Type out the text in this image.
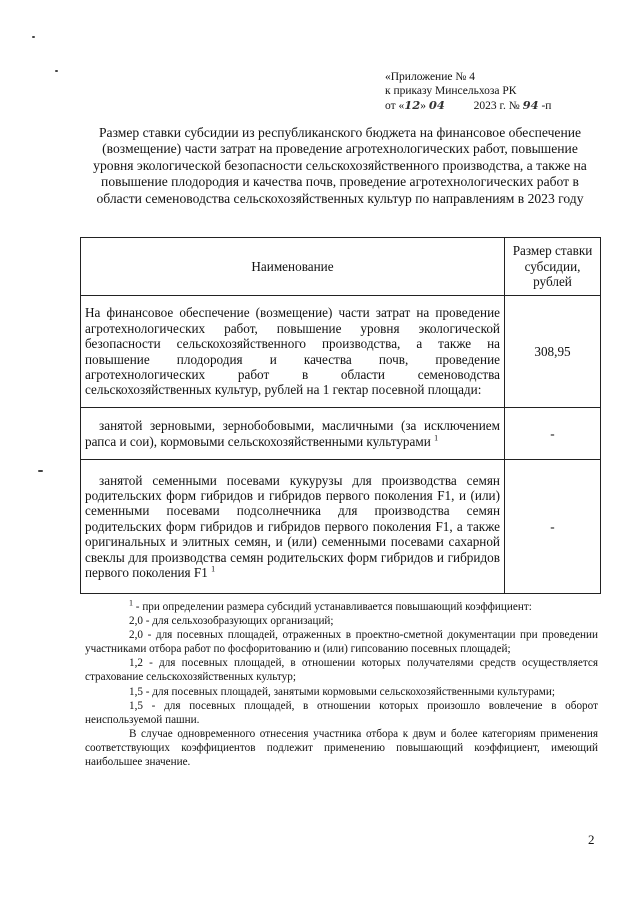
«Приложение № 4
к приказу Минсельхоза РК
от «12» 04	2023 г. № 94 -п
Размер ставки субсидии из республиканского бюджета на финансовое обеспечение (возмещение) части затрат на проведение агротехнологических работ, повышение уровня экологической безопасности сельскохозяйственного производства, а также на повышение плодородия и качества почв, проведение агротехнологических работ в области семеноводства сельскохозяйственных культур по направлениям в 2023 году
Наименование	Размер ставки субсидии, рублей
На финансовое обеспечение (возмещение) части затрат на проведение агротехнологических работ, повышение уровня экологической безопасности сельскохозяйственного производства, а также на повышение плодородия и качества почв, проведение агротехнологических работ в области семеноводства сельскохозяйственных культур, рублей на 1 гектар посевной площади:	308,95
занятой зерновыми, зернобобовыми, масличными (за исключением рапса и сои), кормовыми сельскохозяйственными культурами $^1$	-
занятой семенными посевами кукурузы для производства семян родительских форм гибридов и гибридов первого поколения F1, и (или) семенными посевами подсолнечника для производства семян родительских форм гибридов и гибридов первого поколения F1, а также оригинальных и элитных семян, и (или) семенными посевами сахарной свеклы для производства семян родительских форм гибридов и гибридов первого поколения F1 $^1$	-

$^1$ - при определении размера субсидий устанавливается повышающий коэффициент:

2,0 - для сельхозобразующих организаций;

2,0 - для посевных площадей, отраженных в проектно-сметной документации при проведении участниками отбора работ по фосфоритованию и (или) гипсованию посевных площадей;

1,2 - для посевных площадей, в отношении которых получателями средств осуществляется страхование сельскохозяйственных культур;

1,5 - для посевных площадей, занятыми кормовыми сельскохозяйственными культурами;

1,5 - для посевных площадей, в отношении которых произошло вовлечение в оборот неиспользуемой пашни.

В случае одновременного отнесения участника отбора к двум и более категориям применения соответствующих коэффициентов подлежит применению повышающий коэффициент, имеющий наибольшее значение.

2
